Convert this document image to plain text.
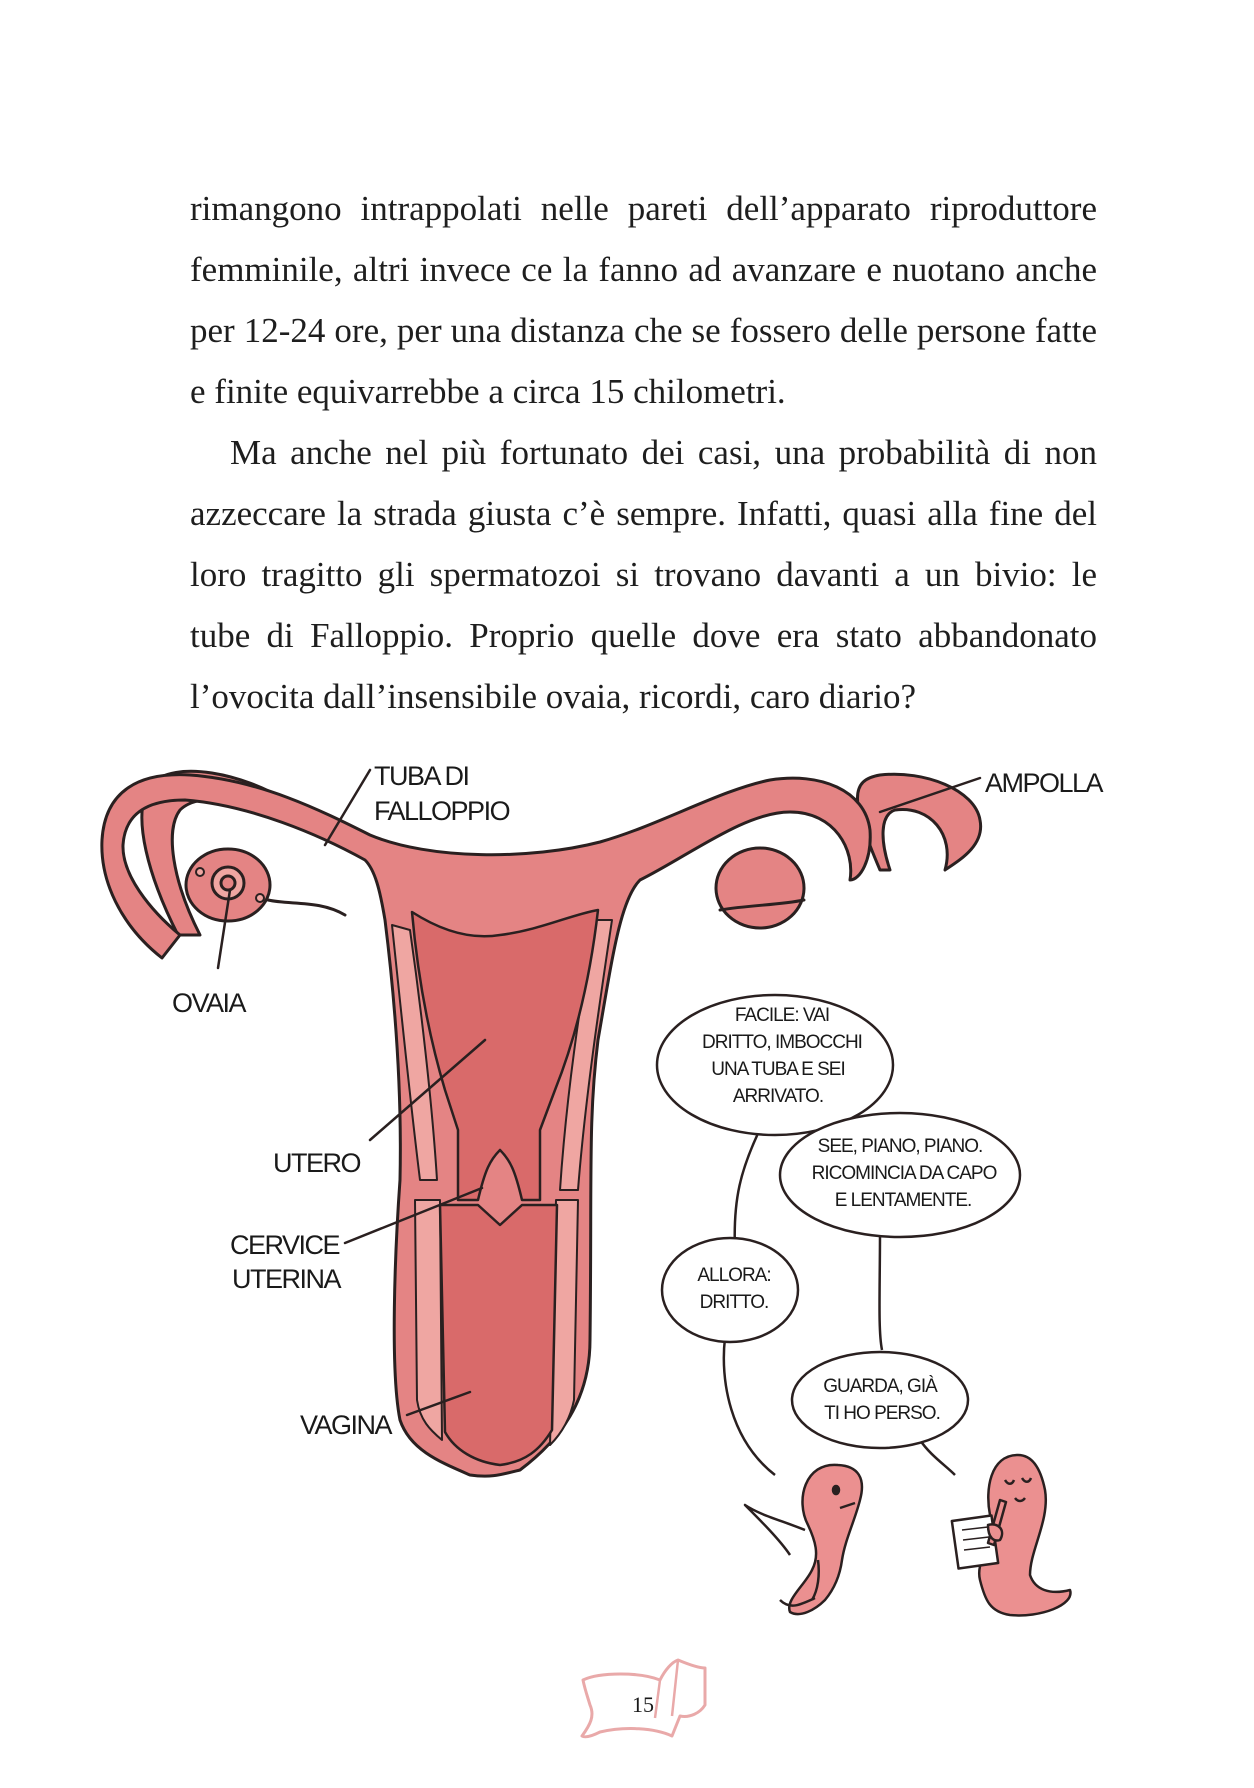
rimangono intrappolati nelle pareti dell’apparato riproduttore femminile, altri invece ce la fanno ad avanzare e nuotano anche per 12-24 ore, per una distanza che se fossero delle persone fatte e finite equivarrebbe a circa 15 chilometri.

Ma anche nel più fortunato dei casi, una probabilità di non azzeccare la strada giusta c’è sempre. Infatti, quasi alla fine del loro tragitto gli spermatozoi si trovano davanti a un bivio: le tube di Falloppio. Proprio quelle dove era stato abbandonato l’ovocita dall’insensibile ovaia, ricordi, caro diario?

TUBA DI
FALLOPPIO
AMPOLLA
OVAIA
UTERO
CERVICE
UTERINA
VAGINA
FACILE: VAI
DRITTO, IMBOCCHI
UNA TUBA E SEI
ARRIVATO.
SEE, PIANO, PIANO.
RICOMINCIA DA CAPO
E LENTAMENTE.
ALLORA:
DRITTO.
GUARDA, GIÀ
TI HO PERSO.
15
